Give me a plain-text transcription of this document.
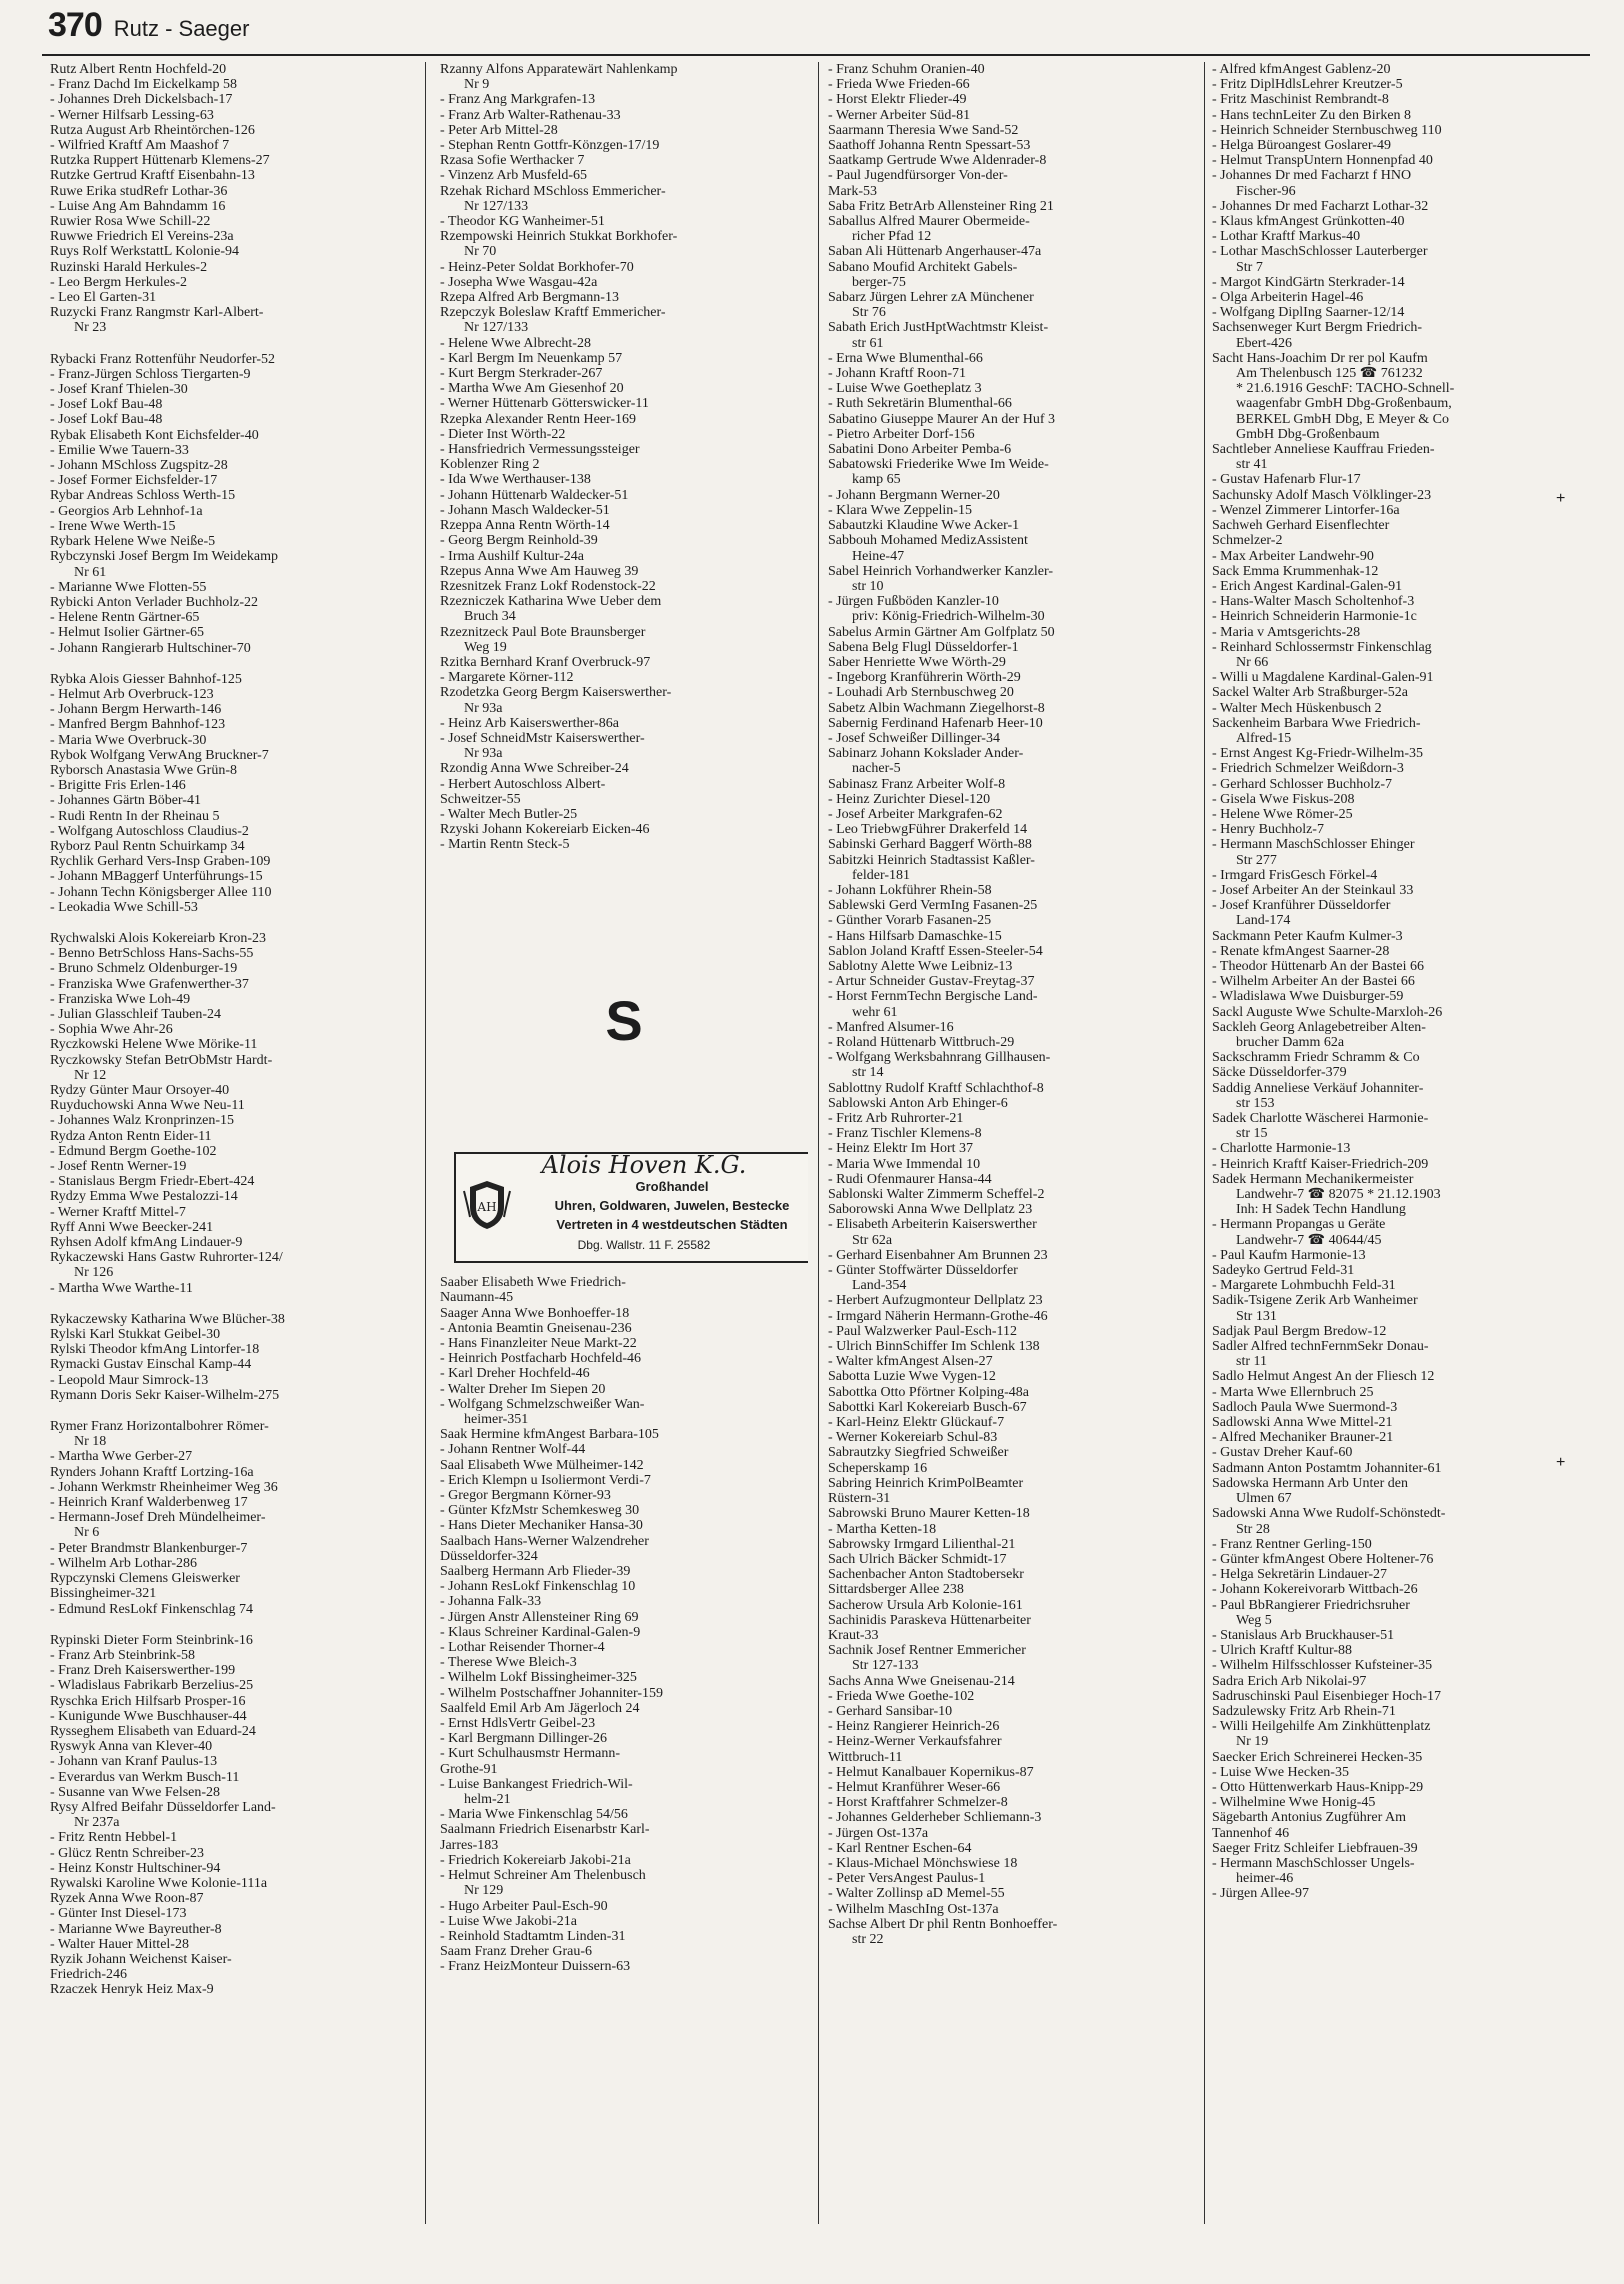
370 Rutz - Saeger
Rutz Albert Rentn Hochfeld-20
- Franz Dachd Im Eickelkamp 58
- Johannes Dreh Dickelsbach-17
- Werner Hilfsarb Lessing-63
Rutza August Arb Rheintörchen-126
- Wilfried Kraftf Am Maashof 7
Rutzka Ruppert Hüttenarb Klemens-27
Rutzke Gertrud Kraftf Eisenbahn-13
Ruwe Erika studRefr Lothar-36
- Luise Ang Am Bahndamm 16
Ruwier Rosa Wwe Schill-22
Ruwwe Friedrich El Vereins-23a
Ruys Rolf WerkstattL Kolonie-94
Ruzinski Harald Herkules-2
- Leo Bergm Herkules-2
- Leo El Garten-31
Ruzycki Franz Rangmstr Karl-Albert-
Nr 23
Rybacki Franz Rottenführ Neudorfer-52
- Franz-Jürgen Schloss Tiergarten-9
- Josef Kranf Thielen-30
- Josef Lokf Bau-48
- Josef Lokf Bau-48
Rybak Elisabeth Kont Eichsfelder-40
- Emilie Wwe Tauern-33
- Johann MSchloss Zugspitz-28
- Josef Former Eichsfelder-17
Rybar Andreas Schloss Werth-15
- Georgios Arb Lehnhof-1a
- Irene Wwe Werth-15
Rybark Helene Wwe Neiße-5
Rybczynski Josef Bergm Im Weidekamp
Nr 61
- Marianne Wwe Flotten-55
Rybicki Anton Verlader Buchholz-22
- Helene Rentn Gärtner-65
- Helmut Isolier Gärtner-65
- Johann Rangierarb Hultschiner-70
Rybka Alois Giesser Bahnhof-125
- Helmut Arb Overbruck-123
- Johann Bergm Herwarth-146
- Manfred Bergm Bahnhof-123
- Maria Wwe Overbruck-30
Rybok Wolfgang VerwAng Bruckner-7
Ryborsch Anastasia Wwe Grün-8
- Brigitte Fris Erlen-146
- Johannes Gärtn Böber-41
- Rudi Rentn In der Rheinau 5
- Wolfgang Autoschloss Claudius-2
Ryborz Paul Rentn Schuirkamp 34
Rychlik Gerhard Vers-Insp Graben-109
- Johann MBaggerf Unterführungs-15
- Johann Techn Königsberger Allee 110
- Leokadia Wwe Schill-53
Rychwalski Alois Kokereiarb Kron-23
- Benno BetrSchloss Hans-Sachs-55
- Bruno Schmelz Oldenburger-19
- Franziska Wwe Grafenwerther-37
- Franziska Wwe Loh-49
- Julian Glasschleif Tauben-24
- Sophia Wwe Ahr-26
Ryczkowski Helene Wwe Mörike-11
Ryczkowsky Stefan BetrObMstr Hardt-
Nr 12
Rydzy Günter Maur Orsoyer-40
Ruyduchowski Anna Wwe Neu-11
- Johannes Walz Kronprinzen-15
Rydza Anton Rentn Eider-11
- Edmund Bergm Goethe-102
- Josef Rentn Werner-19
- Stanislaus Bergm Friedr-Ebert-424
Rydzy Emma Wwe Pestalozzi-14
- Werner Kraftf Mittel-7
Ryff Anni Wwe Beecker-241
Ryhsen Adolf kfmAng Lindauer-9
Rykaczewski Hans Gastw Ruhrorter-124/
Nr 126
- Martha Wwe Warthe-11
Rykaczewsky Katharina Wwe Blücher-38
Rylski Karl Stukkat Geibel-30
Rylski Theodor kfmAng Lintorfer-18
Rymacki Gustav Einschal Kamp-44
- Leopold Maur Simrock-13
Rymann Doris Sekr Kaiser-Wilhelm-275
Rymer Franz Horizontalbohrer Römer-
Nr 18
- Martha Wwe Gerber-27
Rynders Johann Kraftf Lortzing-16a
- Johann Werkmstr Rheinheimer Weg 36
- Heinrich Kranf Walderbenweg 17
- Hermann-Josef Dreh Mündelheimer-
Nr 6
- Peter Brandmstr Blankenburger-7
- Wilhelm Arb Lothar-286
Rypczynski Clemens Gleiswerker
Bissingheimer-321
- Edmund ResLokf Finkenschlag 74
Rypinski Dieter Form Steinbrink-16
- Franz Arb Steinbrink-58
- Franz Dreh Kaiserswerther-199
- Wladislaus Fabrikarb Berzelius-25
Ryschka Erich Hilfsarb Prosper-16
- Kunigunde Wwe Buschhauser-44
Rysseghem Elisabeth van Eduard-24
Ryswyk Anna van Klever-40
- Johann van Kranf Paulus-13
- Everardus van Werkm Busch-11
- Susanne van Wwe Felsen-28
Rysy Alfred Beifahr Düsseldorfer Land-
Nr 237a
- Fritz Rentn Hebbel-1
- Glücz Rentn Schreiber-23
- Heinz Konstr Hultschiner-94
Rywalski Karoline Wwe Kolonie-111a
Ryzek Anna Wwe Roon-87
- Günter Inst Diesel-173
- Marianne Wwe Bayreuther-8
- Walter Hauer Mittel-28
Ryzik Johann Weichenst Kaiser-
Friedrich-246
Rzaczek Henryk Heiz Max-9
Rzanny Alfons Apparatewärt Nahlenkamp
Nr 9
- Franz Ang Markgrafen-13
- Franz Arb Walter-Rathenau-33
- Peter Arb Mittel-28
- Stephan Rentn Gottfr-Könzgen-17/19
Rzasa Sofie Werthacker 7
- Vinzenz Arb Musfeld-65
Rzehak Richard MSchloss Emmericher-
Nr 127/133
- Theodor KG Wanheimer-51
Rzempowski Heinrich Stukkat Borkhofer-
Nr 70
- Heinz-Peter Soldat Borkhofer-70
- Josepha Wwe Wasgau-42a
Rzepa Alfred Arb Bergmann-13
Rzepczyk Boleslaw Kraftf Emmericher-
Nr 127/133
- Helene Wwe Albrecht-28
- Karl Bergm Im Neuenkamp 57
- Kurt Bergm Sterkrader-267
- Martha Wwe Am Giesenhof 20
- Werner Hüttenarb Götterswicker-11
Rzepka Alexander Rentn Heer-169
- Dieter Inst Wörth-22
- Hansfriedrich Vermessungssteiger
Koblenzer Ring 2
- Ida Wwe Werthauser-138
- Johann Hüttenarb Waldecker-51
- Johann Masch Waldecker-51
Rzeppa Anna Rentn Wörth-14
- Georg Bergm Reinhold-39
- Irma Aushilf Kultur-24a
Rzepus Anna Wwe Am Hauweg 39
Rzesnitzek Franz Lokf Rodenstock-22
Rzezniczek Katharina Wwe Ueber dem
Bruch 34
Rzeznitzeck Paul Bote Braunsberger
Weg 19
Rzitka Bernhard Kranf Overbruck-97
- Margarete Körner-112
Rzodetzka Georg Bergm Kaiserswerther-
Nr 93a
- Heinz Arb Kaiserswerther-86a
- Josef SchneidMstr Kaiserswerther-
Nr 93a
Rzondig Anna Wwe Schreiber-24
- Herbert Autoschloss Albert-
Schweitzer-55
- Walter Mech Butler-25
Rzyski Johann Kokereiarb Eicken-46
- Martin Rentn Steck-5
S
Alois Hoven K.G.
AH
Großhandel
Uhren, Goldwaren, Juwelen, Bestecke
Vertreten in 4 westdeutschen Städten
Dbg. Wallstr. 11 F. 25582
Saaber Elisabeth Wwe Friedrich-
Naumann-45
Saager Anna Wwe Bonhoeffer-18
- Antonia Beamtin Gneisenau-236
- Hans Finanzleiter Neue Markt-22
- Heinrich Postfacharb Hochfeld-46
- Karl Dreher Hochfeld-46
- Walter Dreher Im Siepen 20
- Wolfgang Schmelzschweißer Wan-
heimer-351
Saak Hermine kfmAngest Barbara-105
- Johann Rentner Wolf-44
Saal Elisabeth Wwe Mülheimer-142
- Erich Klempn u Isoliermont Verdi-7
- Gregor Bergmann Körner-93
- Günter KfzMstr Schemkesweg 30
- Hans Dieter Mechaniker Hansa-30
Saalbach Hans-Werner Walzendreher
Düsseldorfer-324
Saalberg Hermann Arb Flieder-39
- Johann ResLokf Finkenschlag 10
- Johanna Falk-33
- Jürgen Anstr Allensteiner Ring 69
- Klaus Schreiner Kardinal-Galen-9
- Lothar Reisender Thorner-4
- Therese Wwe Bleich-3
- Wilhelm Lokf Bissingheimer-325
- Wilhelm Postschaffner Johanniter-159
Saalfeld Emil Arb Am Jägerloch 24
- Ernst HdlsVertr Geibel-23
- Karl Bergmann Dillinger-26
- Kurt Schulhausmstr Hermann-
Grothe-91
- Luise Bankangest Friedrich-Wil-
helm-21
- Maria Wwe Finkenschlag 54/56
Saalmann Friedrich Eisenarbstr Karl-
Jarres-183
- Friedrich Kokereiarb Jakobi-21a
- Helmut Schreiner Am Thelenbusch
Nr 129
- Hugo Arbeiter Paul-Esch-90
- Luise Wwe Jakobi-21a
- Reinhold Stadtamtm Linden-31
Saam Franz Dreher Grau-6
- Franz HeizMonteur Duissern-63
- Franz Schuhm Oranien-40
- Frieda Wwe Frieden-66
- Horst Elektr Flieder-49
- Werner Arbeiter Süd-81
Saarmann Theresia Wwe Sand-52
Saathoff Johanna Rentn Spessart-53
Saatkamp Gertrude Wwe Aldenrader-8
- Paul Jugendfürsorger Von-der-
Mark-53
Saba Fritz BetrArb Allensteiner Ring 21
Saballus Alfred Maurer Obermeide-
richer Pfad 12
Saban Ali Hüttenarb Angerhauser-47a
Sabano Moufid Architekt Gabels-
berger-75
Sabarz Jürgen Lehrer zA Münchener
Str 76
Sabath Erich JustHptWachtmstr Kleist-
str 61
- Erna Wwe Blumenthal-66
- Johann Kraftf Roon-71
- Luise Wwe Goetheplatz 3
- Ruth Sekretärin Blumenthal-66
Sabatino Giuseppe Maurer An der Huf 3
- Pietro Arbeiter Dorf-156
Sabatini Dono Arbeiter Pemba-6
Sabatowski Friederike Wwe Im Weide-
kamp 65
- Johann Bergmann Werner-20
- Klara Wwe Zeppelin-15
Sabautzki Klaudine Wwe Acker-1
Sabbouh Mohamed MedizAssistent
Heine-47
Sabel Heinrich Vorhandwerker Kanzler-
str 10
- Jürgen Fußböden Kanzler-10
priv: König-Friedrich-Wilhelm-30
Sabelus Armin Gärtner Am Golfplatz 50
Sabena Belg Flugl Düsseldorfer-1
Saber Henriette Wwe Wörth-29
- Ingeborg Kranführerin Wörth-29
- Louhadi Arb Sternbuschweg 20
Sabetz Albin Wachmann Ziegelhorst-8
Sabernig Ferdinand Hafenarb Heer-10
- Josef Schweißer Dillinger-34
Sabinarz Johann Kokslader Ander-
nacher-5
Sabinasz Franz Arbeiter Wolf-8
- Heinz Zurichter Diesel-120
- Josef Arbeiter Markgrafen-62
- Leo TriebwgFührer Drakerfeld 14
Sabinski Gerhard Baggerf Wörth-88
Sabitzki Heinrich Stadtassist Kaßler-
felder-181
- Johann Lokführer Rhein-58
Sablewski Gerd VermIng Fasanen-25
- Günther Vorarb Fasanen-25
- Hans Hilfsarb Damaschke-15
Sablon Joland Kraftf Essen-Steeler-54
Sablotny Alette Wwe Leibniz-13
- Artur Schneider Gustav-Freytag-37
- Horst FernmTechn Bergische Land-
wehr 61
- Manfred Alsumer-16
- Roland Hüttenarb Wittbruch-29
- Wolfgang Werksbahnrang Gillhausen-
str 14
Sablottny Rudolf Kraftf Schlachthof-8
Sablowski Anton Arb Ehinger-6
- Fritz Arb Ruhrorter-21
- Franz Tischler Klemens-8
- Heinz Elektr Im Hort 37
- Maria Wwe Immendal 10
- Rudi Ofenmaurer Hansa-44
Sablonski Walter Zimmerm Scheffel-2
Saborowski Anna Wwe Dellplatz 23
- Elisabeth Arbeiterin Kaiserswerther
Str 62a
- Gerhard Eisenbahner Am Brunnen 23
- Günter Stoffwärter Düsseldorfer
Land-354
- Herbert Aufzugmonteur Dellplatz 23
- Irmgard Näherin Hermann-Grothe-46
- Paul Walzwerker Paul-Esch-112
- Ulrich BinnSchiffer Im Schlenk 138
- Walter kfmAngest Alsen-27
Sabotta Luzie Wwe Vygen-12
Sabottka Otto Pförtner Kolping-48a
Sabottki Karl Kokereiarb Busch-67
- Karl-Heinz Elektr Glückauf-7
- Werner Kokereiarb Schul-83
Sabrautzky Siegfried Schweißer
Scheperskamp 16
Sabring Heinrich KrimPolBeamter
Rüstern-31
Sabrowski Bruno Maurer Ketten-18
- Martha Ketten-18
Sabrowsky Irmgard Lilienthal-21
Sach Ulrich Bäcker Schmidt-17
Sachenbacher Anton Stadtobersekr
Sittardsberger Allee 238
Sacherow Ursula Arb Kolonie-161
Sachinidis Paraskeva Hüttenarbeiter
Kraut-33
Sachnik Josef Rentner Emmericher
Str 127-133
Sachs Anna Wwe Gneisenau-214
- Frieda Wwe Goethe-102
- Gerhard Sansibar-10
- Heinz Rangierer Heinrich-26
- Heinz-Werner Verkaufsfahrer
Wittbruch-11
- Helmut Kanalbauer Kopernikus-87
- Helmut Kranführer Weser-66
- Horst Kraftfahrer Schmelzer-8
- Johannes Gelderheber Schliemann-3
- Jürgen Ost-137a
- Karl Rentner Eschen-64
- Klaus-Michael Mönchswiese 18
- Peter VersAngest Paulus-1
- Walter Zollinsp aD Memel-55
- Wilhelm MaschIng Ost-137a
Sachse Albert Dr phil Rentn Bonhoeffer-
str 22
- Alfred kfmAngest Gablenz-20
- Fritz DiplHdlsLehrer Kreutzer-5
- Fritz Maschinist Rembrandt-8
- Hans technLeiter Zu den Birken 8
- Heinrich Schneider Sternbuschweg 110
- Helga Büroangest Goslarer-49
- Helmut TranspUntern Honnenpfad 40
- Johannes Dr med Facharzt f HNO
Fischer-96
- Johannes Dr med Facharzt Lothar-32
- Klaus kfmAngest Grünkotten-40
- Lothar Kraftf Markus-40
- Lothar MaschSchlosser Lauterberger
Str 7
- Margot KindGärtn Sterkrader-14
- Olga Arbeiterin Hagel-46
- Wolfgang DiplIng Saarner-12/14
Sachsenweger Kurt Bergm Friedrich-
Ebert-426
Sacht Hans-Joachim Dr rer pol Kaufm
Am Thelenbusch 125 ☎ 761232
* 21.6.1916 GeschF: TACHO-Schnell-
waagenfabr GmbH Dbg-Großenbaum,
BERKEL GmbH Dbg, E Meyer & Co
GmbH Dbg-Großenbaum
Sachtleber Anneliese Kauffrau Frieden-
str 41
- Gustav Hafenarb Flur-17
Sachunsky Adolf Masch Völklinger-23
- Wenzel Zimmerer Lintorfer-16a
Sachweh Gerhard Eisenflechter
Schmelzer-2
- Max Arbeiter Landwehr-90
Sack Emma Krummenhak-12
- Erich Angest Kardinal-Galen-91
- Hans-Walter Masch Scholtenhof-3
- Heinrich Schneiderin Harmonie-1c
- Maria v Amtsgerichts-28
- Reinhard Schlossermstr Finkenschlag
Nr 66
- Willi u Magdalene Kardinal-Galen-91
Sackel Walter Arb Straßburger-52a
- Walter Mech Hüskenbusch 2
Sackenheim Barbara Wwe Friedrich-
Alfred-15
- Ernst Angest Kg-Friedr-Wilhelm-35
- Friedrich Schmelzer Weißdorn-3
- Gerhard Schlosser Buchholz-7
- Gisela Wwe Fiskus-208
- Helene Wwe Römer-25
- Henry Buchholz-7
- Hermann MaschSchlosser Ehinger
Str 277
- Irmgard FrisGesch Förkel-4
- Josef Arbeiter An der Steinkaul 33
- Josef Kranführer Düsseldorfer
Land-174
Sackmann Peter Kaufm Kulmer-3
- Renate kfmAngest Saarner-28
- Theodor Hüttenarb An der Bastei 66
- Wilhelm Arbeiter An der Bastei 66
- Wladislawa Wwe Duisburger-59
Sackl Auguste Wwe Schulte-Marxloh-26
Sackleh Georg Anlagebetreiber Alten-
brucher Damm 62a
Sackschramm Friedr Schramm & Co
Säcke Düsseldorfer-379
Saddig Anneliese Verkäuf Johanniter-
str 153
Sadek Charlotte Wäscherei Harmonie-
str 15
- Charlotte Harmonie-13
- Heinrich Kraftf Kaiser-Friedrich-209
Sadek Hermann Mechanikermeister
Landwehr-7 ☎ 82075 * 21.12.1903
Inh: H Sadek Techn Handlung
- Hermann Propangas u Geräte
Landwehr-7 ☎ 40644/45
- Paul Kaufm Harmonie-13
Sadeyko Gertrud Feld-31
- Margarete Lohmbuchh Feld-31
Sadik-Tsigene Zerik Arb Wanheimer
Str 131
Sadjak Paul Bergm Bredow-12
Sadler Alfred technFernmSekr Donau-
str 11
Sadlo Helmut Angest An der Fliesch 12
- Marta Wwe Ellernbruch 25
Sadloch Paula Wwe Suermond-3
Sadlowski Anna Wwe Mittel-21
- Alfred Mechaniker Brauner-21
- Gustav Dreher Kauf-60
Sadmann Anton Postamtm Johanniter-61
Sadowska Hermann Arb Unter den
Ulmen 67
Sadowski Anna Wwe Rudolf-Schönstedt-
Str 28
- Franz Rentner Gerling-150
- Günter kfmAngest Obere Holtener-76
- Helga Sekretärin Lindauer-27
- Johann Kokereivorarb Wittbach-26
- Paul BbRangierer Friedrichsruher
Weg 5
- Stanislaus Arb Bruckhauser-51
- Ulrich Kraftf Kultur-88
- Wilhelm Hilfsschlosser Kufsteiner-35
Sadra Erich Arb Nikolai-97
Sadruschinski Paul Eisenbieger Hoch-17
Sadzulewsky Fritz Arb Rhein-71
- Willi Heilgehilfe Am Zinkhüttenplatz
Nr 19
Saecker Erich Schreinerei Hecken-35
- Luise Wwe Hecken-35
- Otto Hüttenwerkarb Haus-Knipp-29
- Wilhelmine Wwe Honig-45
Sägebarth Antonius Zugführer Am
Tannenhof 46
Saeger Fritz Schleifer Liebfrauen-39
- Hermann MaschSchlosser Ungels-
heimer-46
- Jürgen Allee-97
+
+
